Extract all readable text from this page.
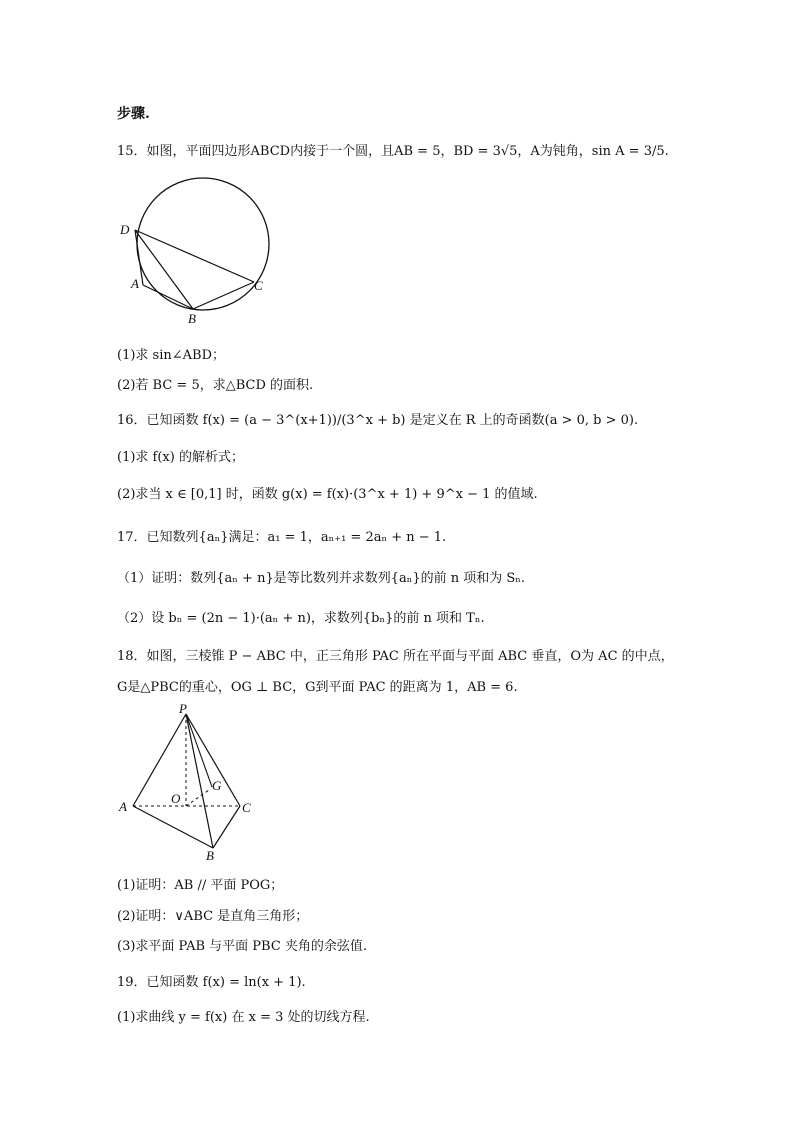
步骤.
15．如图，平面四边形ABCD内接于一个圆，且AB = 5，BD = 3√5，A为钝角，sin A = 3/5.
D
A
B
C
(1)求 sin∠ABD；
(2)若 BC = 5，求△BCD 的面积.
16．已知函数 f(x) = (a − 3^(x+1))/(3^x + b) 是定义在 R 上的奇函数(a > 0, b > 0).
(1)求 f(x) 的解析式；
(2)求当 x ∈ [0,1] 时，函数 g(x) = f(x)·(3^x + 1) + 9^x − 1 的值域.
17．已知数列{aₙ}满足：a₁ = 1，aₙ₊₁ = 2aₙ + n − 1.
（1）证明：数列{aₙ + n}是等比数列并求数列{aₙ}的前 n 项和为 Sₙ.
（2）设 bₙ = (2n − 1)·(aₙ + n)，求数列{bₙ}的前 n 项和 Tₙ.
18．如图，三棱锥 P − ABC 中，正三角形 PAC 所在平面与平面 ABC 垂直，O为 AC 的中点，
G是△PBC的重心，OG ⊥ BC，G到平面 PAC 的距离为 1，AB = 6.
P
A
O
G
C
B
(1)证明：AB // 平面 POG；
(2)证明：∨ABC 是直角三角形；
(3)求平面 PAB 与平面 PBC 夹角的余弦值.
19．已知函数 f(x) = ln(x + 1).
(1)求曲线 y = f(x) 在 x = 3 处的切线方程.
